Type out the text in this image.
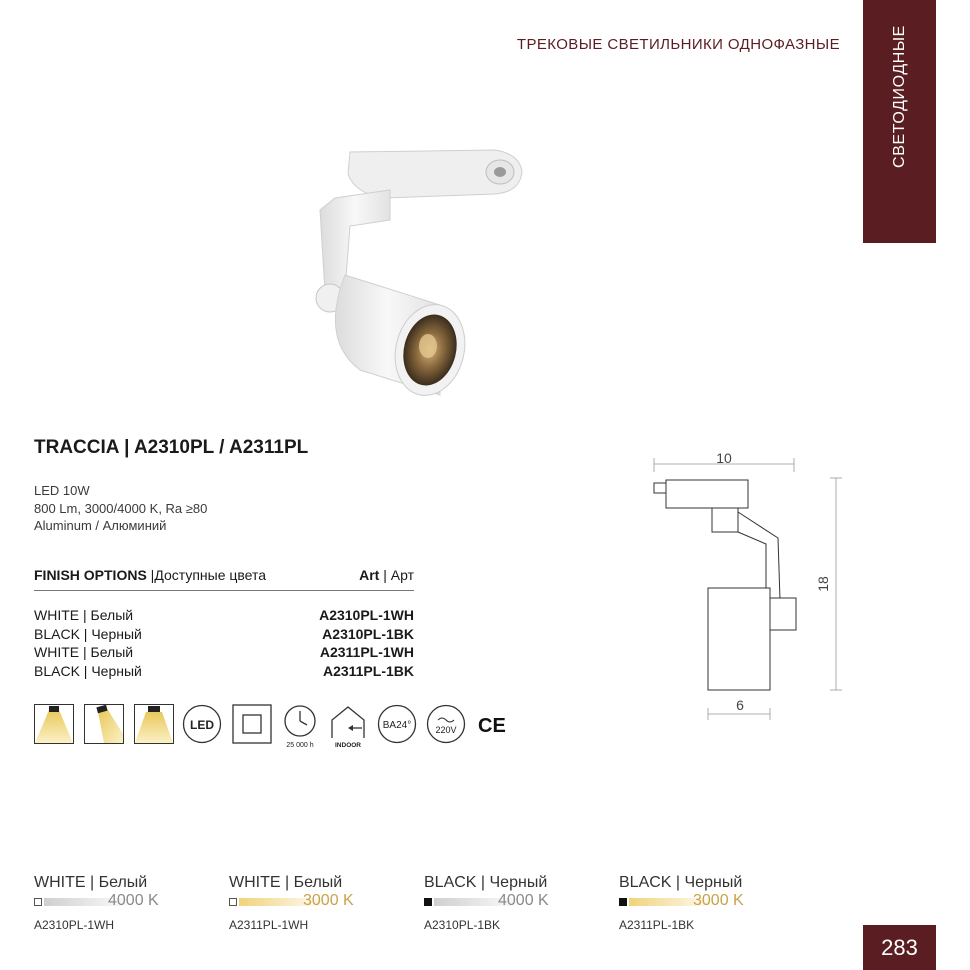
ТРЕКОВЫЕ СВЕТИЛЬНИКИ ОДНОФАЗНЫЕ	СВЕТОДИОДНЫЕ
TRACCIA | A2310PL / A2311PL
LED 10W
800 Lm, 3000/4000 K, Ra ≥80
Aluminum / Алюминий
FINISH OPTIONS |Доступные цвета	Art | Арт
WHITE | Белый	A2310PL-1WH
BLACK | Черный	A2310PL-1BK
WHITE | Белый	A2311PL-1WH
BLACK | Черный	A2311PL-1BK
LED
25 000 h	INDOOR
BA24°	220V CE
10
18
6
WHITE | Белый
4000 K
A2310PL-1WH
WHITE | Белый
3000 K
A2311PL-1WH
BLACK | Черный
4000 K
A2310PL-1BK
BLACK | Черный
3000 K
A2311PL-1BK
283
